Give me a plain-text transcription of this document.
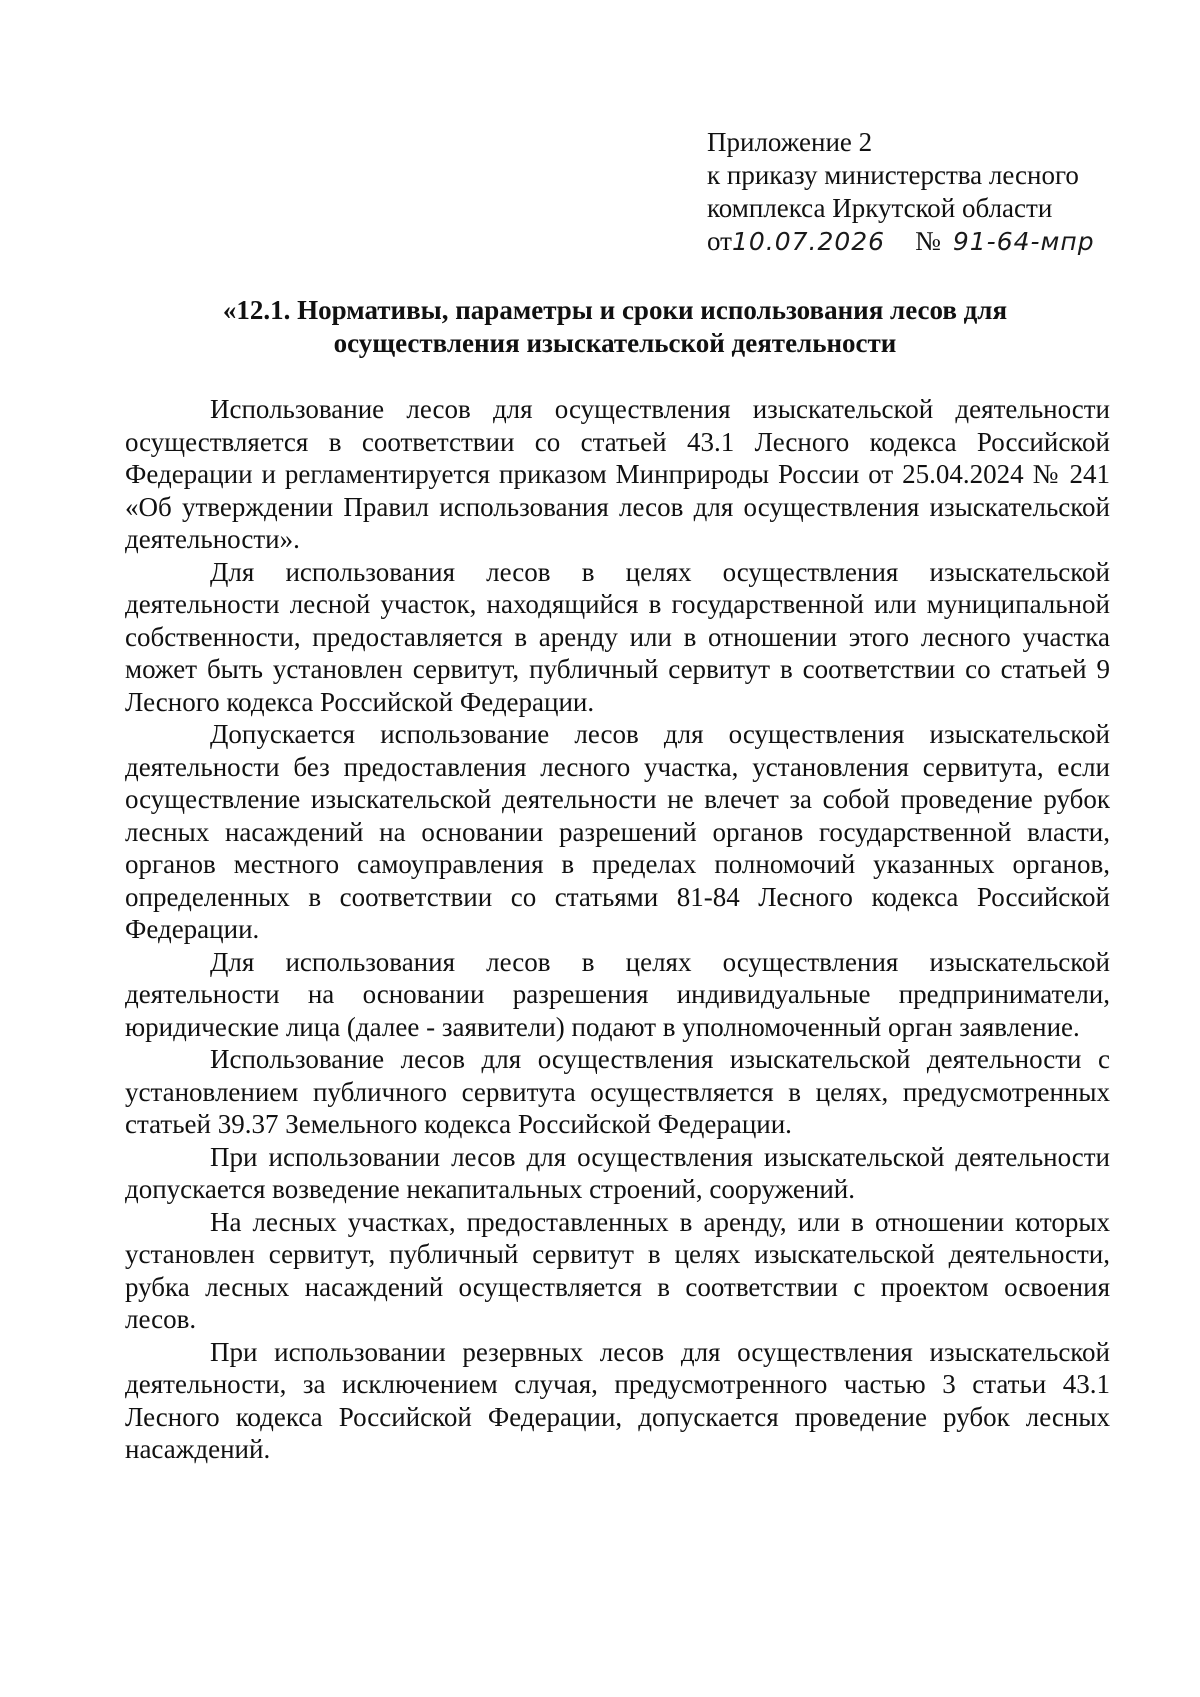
Приложение 2
к приказу министерства лесного
комплекса Иркутской области
от10.07.2026 № 91-64-мпр
«12.1. Нормативы, параметры и сроки использования лесов для
осуществления изыскательской деятельности

Использование лесов для осуществления изыскательской деятельности осуществляется в соответствии со статьей 43.1 Лесного кодекса Российской Федерации и регламентируется приказом Минприроды России от 25.04.2024 № 241 «Об утверждении Правил использования лесов для осуществления изыскательской деятельности».

Для использования лесов в целях осуществления изыскательской деятельности лесной участок, находящийся в государственной или муниципальной собственности, предоставляется в аренду или в отношении этого лесного участка может быть установлен сервитут, публичный сервитут в соответствии со статьей 9 Лесного кодекса Российской Федерации.

Допускается использование лесов для осуществления изыскательской деятельности без предоставления лесного участка, установления сервитута, если осуществление изыскательской деятельности не влечет за собой проведение рубок лесных насаждений на основании разрешений органов государственной власти, органов местного самоуправления в пределах полномочий указанных органов, определенных в соответствии со статьями 81-84 Лесного кодекса Российской Федерации.

Для использования лесов в целях осуществления изыскательской деятельности на основании разрешения индивидуальные предприниматели, юридические лица (далее - заявители) подают в уполномоченный орган заявление.

Использование лесов для осуществления изыскательской деятельности с установлением публичного сервитута осуществляется в целях, предусмотренных статьей 39.37 Земельного кодекса Российской Федерации.

При использовании лесов для осуществления изыскательской деятельности допускается возведение некапитальных строений, сооружений.

На лесных участках, предоставленных в аренду, или в отношении которых установлен сервитут, публичный сервитут в целях изыскательской деятельности, рубка лесных насаждений осуществляется в соответствии с проектом освоения лесов.

При использовании резервных лесов для осуществления изыскательской деятельности, за исключением случая, предусмотренного частью 3 статьи 43.1 Лесного кодекса Российской Федерации, допускается проведение рубок лесных насаждений.
